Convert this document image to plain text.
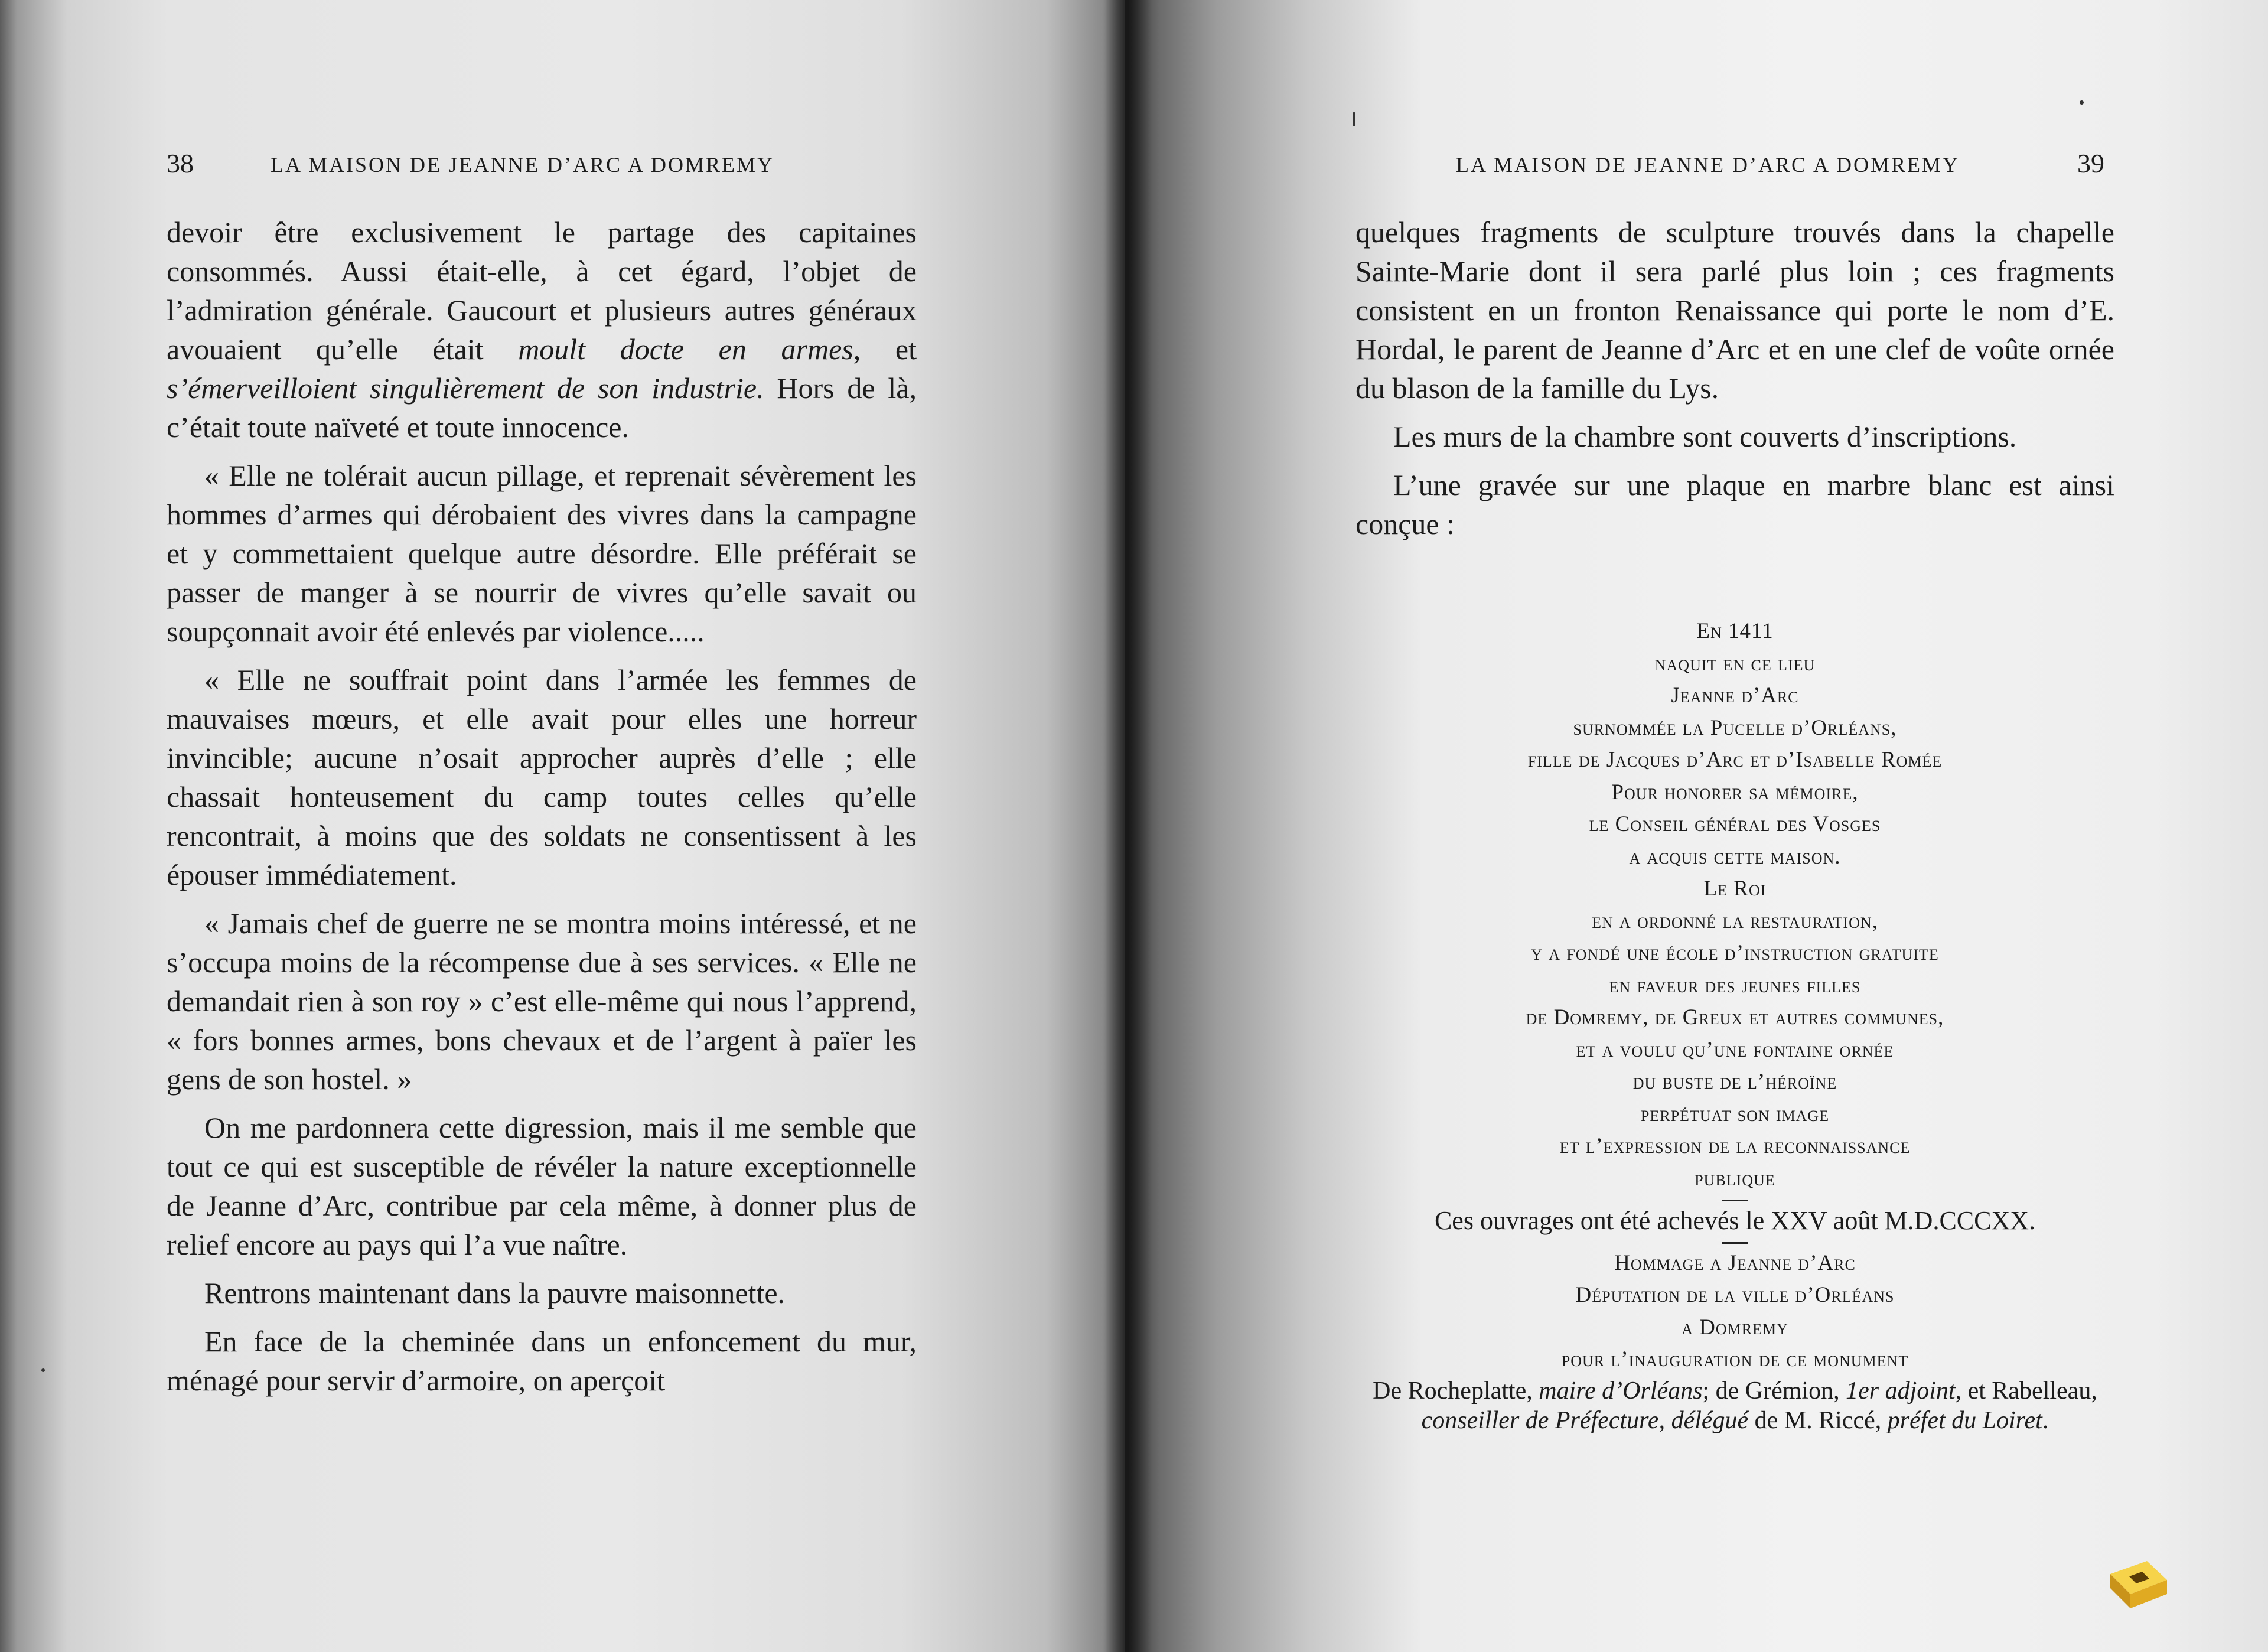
38	LA MAISON DE JEANNE D’ARC A DOMREMY

devoir être exclusivement le partage des capitaines consommés. Aussi était-elle, à cet égard, l’objet de l’admiration générale. Gaucourt et plusieurs autres généraux avouaient qu’elle était moult docte en armes, et s’émerveilloient singulièrement de son industrie. Hors de là, c’était toute naïveté et toute innocence.

« Elle ne tolérait aucun pillage, et reprenait sévèrement les hommes d’armes qui dérobaient des vivres dans la campagne et y commettaient quelque autre désordre. Elle préférait se passer de manger à se nourrir de vivres qu’elle savait ou soupçonnait avoir été enlevés par violence.....

« Elle ne souffrait point dans l’armée les femmes de mauvaises mœurs, et elle avait pour elles une horreur invincible; aucune n’osait approcher auprès d’elle ; elle chassait honteusement du camp toutes celles qu’elle rencontrait, à moins que des soldats ne consentissent à les épouser immédiatement.

« Jamais chef de guerre ne se montra moins intéressé, et ne s’occupa moins de la récompense due à ses services. « Elle ne demandait rien à son roy » c’est elle-même qui nous l’apprend, « fors bonnes armes, bons chevaux et de l’argent à païer les gens de son hostel. »

On me pardonnera cette digression, mais il me semble que tout ce qui est susceptible de révéler la nature exceptionnelle de Jeanne d’Arc, contribue par cela même, à donner plus de relief encore au pays qui l’a vue naître.

Rentrons maintenant dans la pauvre maisonnette.

En face de la cheminée dans un enfoncement du mur, ménagé pour servir d’armoire, on aperçoit

LA MAISON DE JEANNE D’ARC A DOMREMY	39

quelques fragments de sculpture trouvés dans la chapelle Sainte-Marie dont il sera parlé plus loin ; ces fragments consistent en un fronton Renaissance qui porte le nom d’E. Hordal, le parent de Jeanne d’Arc et en une clef de voûte ornée du blason de la famille du Lys.

Les murs de la chambre sont couverts d’inscriptions.

L’une gravée sur une plaque en marbre blanc est ainsi conçue :

En 1411
naquit en ce lieu
Jeanne d’Arc
surnommée la Pucelle d’Orléans,
fille de Jacques d’Arc et d’Isabelle Romée
Pour honorer sa mémoire,
le Conseil général des Vosges
a acquis cette maison.
Le Roi
en a ordonné la restauration,
y a fondé une école d’instruction gratuite
en faveur des jeunes filles
de Domremy, de Greux et autres communes,
et a voulu qu’une fontaine ornée
du buste de l’héroïne
perpétuat son image
et l’expression de la reconnaissance
publique
Ces ouvrages ont été achevés le XXV août M.D.CCCXX.
Hommage a Jeanne d’Arc
Députation de la ville d’Orléans
a Domremy
pour l’inauguration de ce monument
De Rocheplatte, maire d’Orléans; de Grémion, 1er adjoint, et Rabelleau, conseiller de Préfecture, délégué de M. Riccé, préfet du Loiret.
